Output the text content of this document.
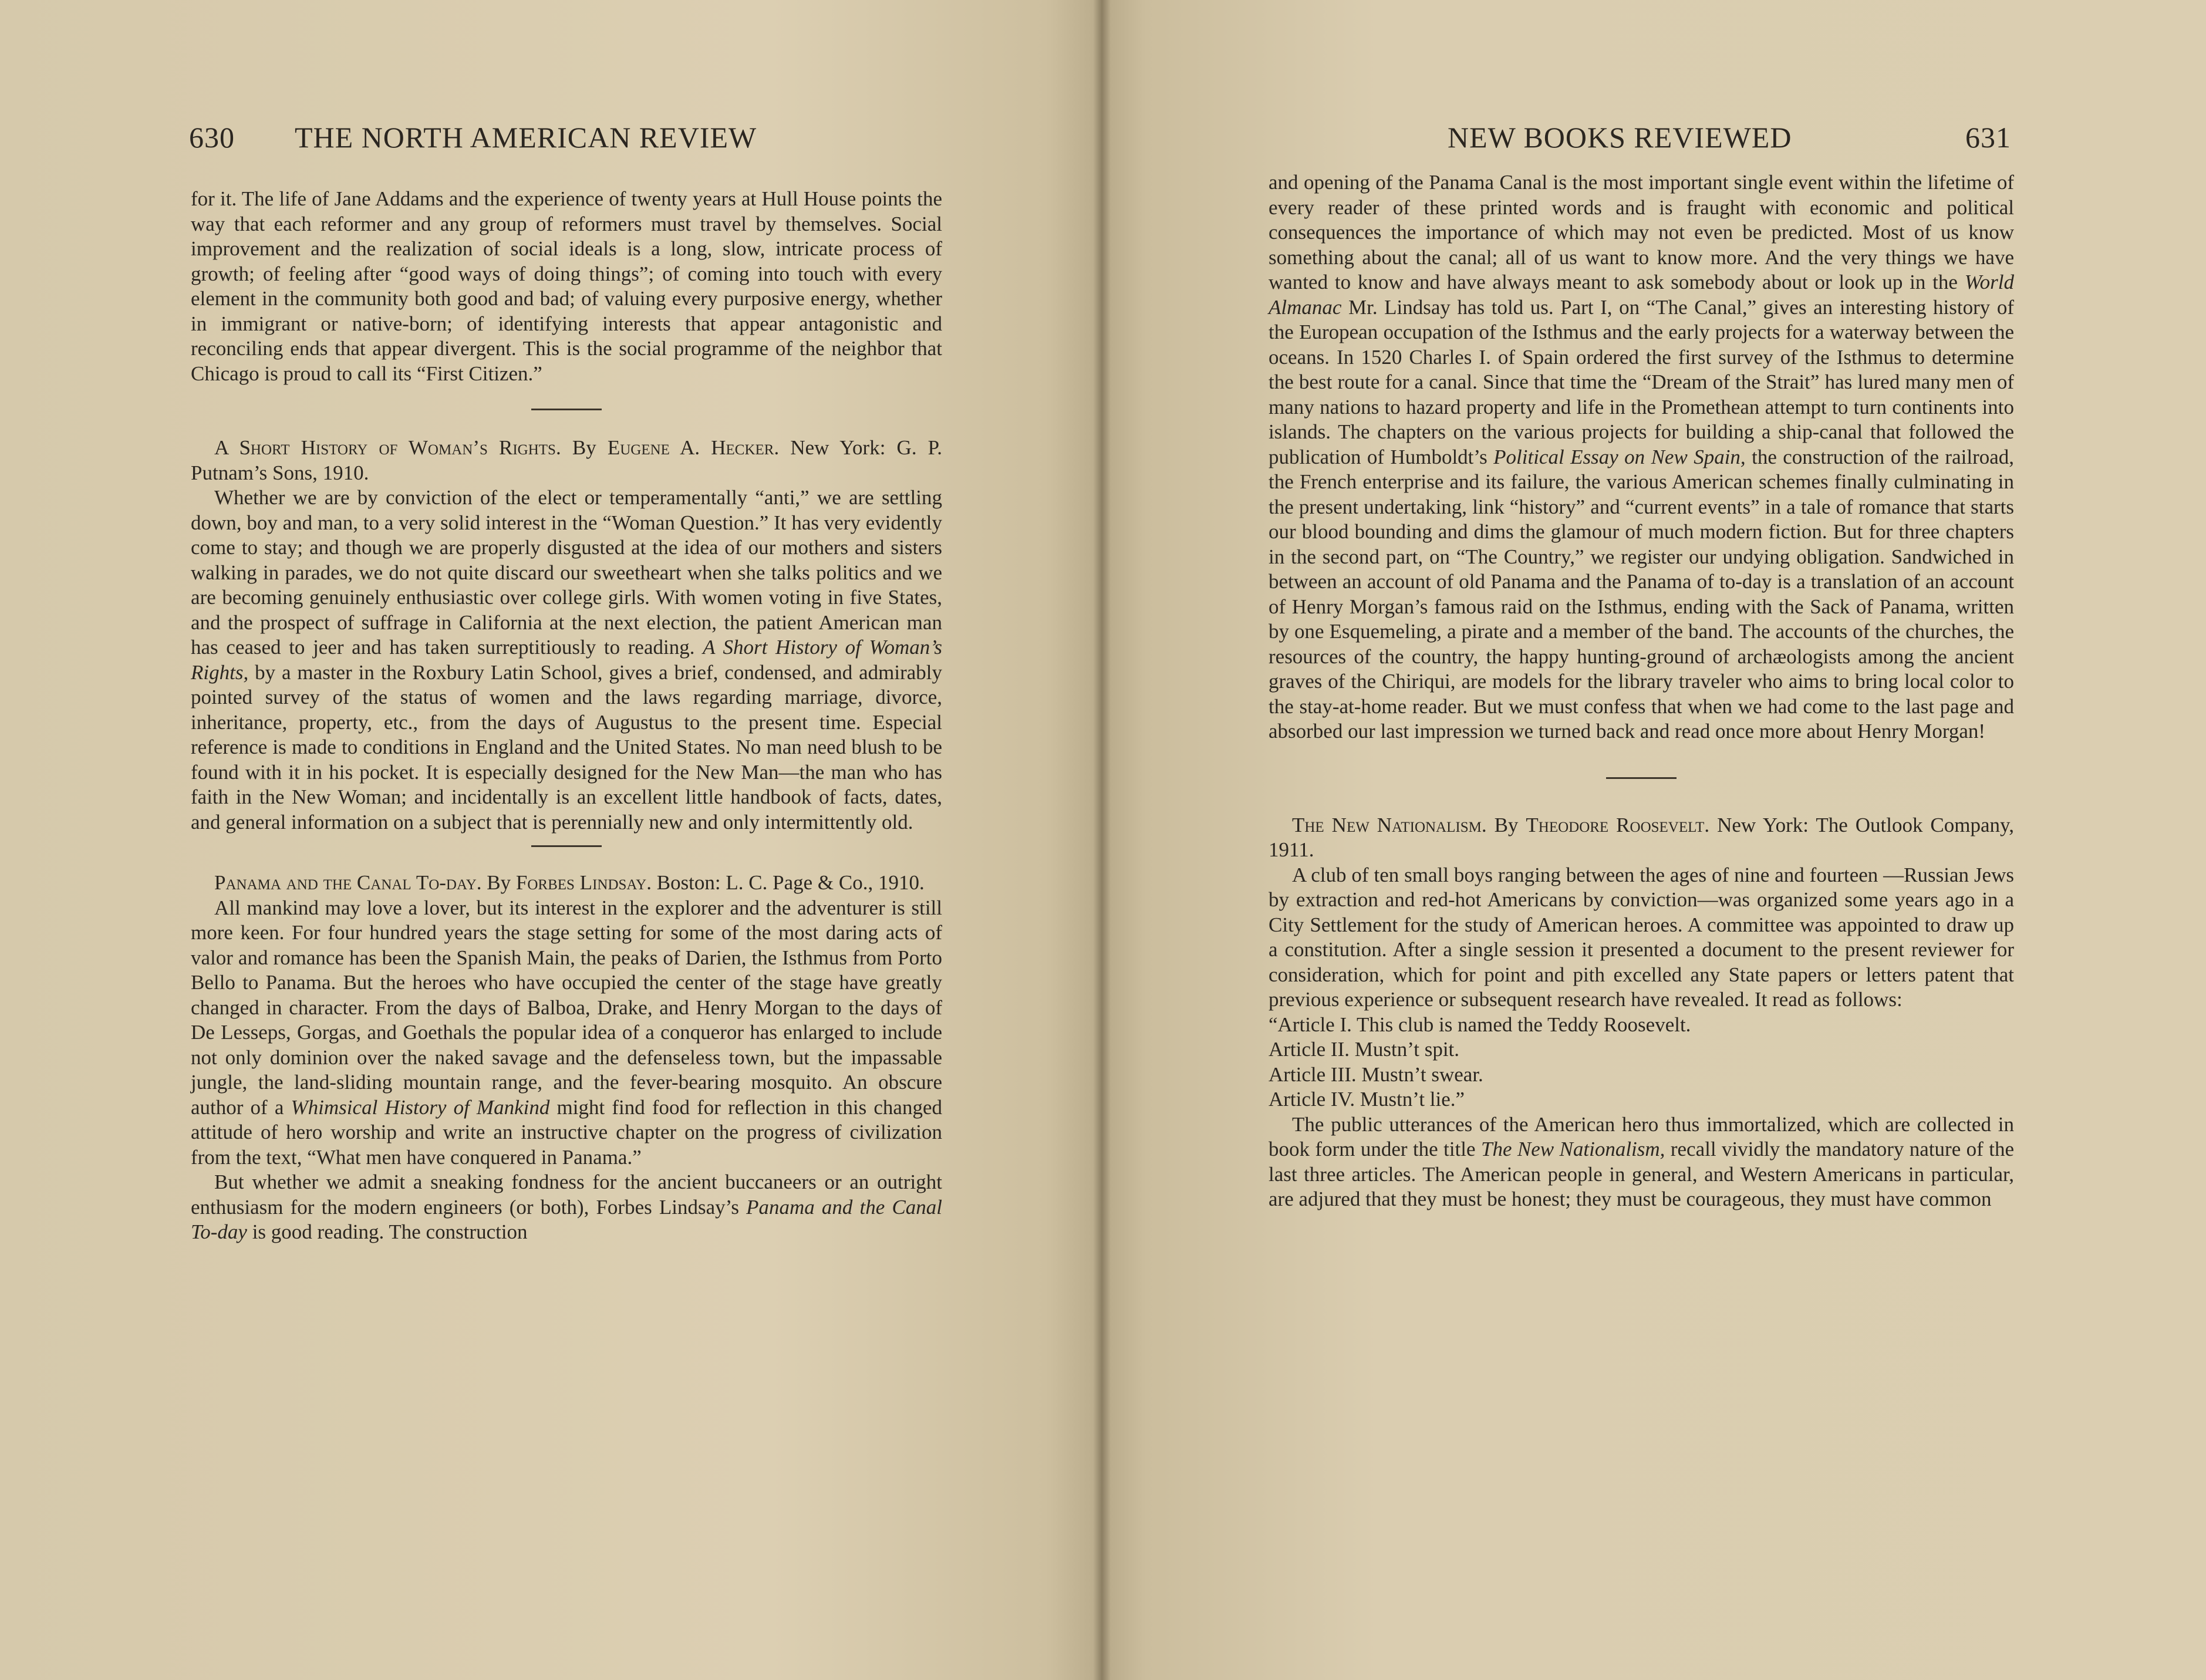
630 THE NORTH AMERICAN REVIEW

for it. The life of Jane Addams and the experience of twenty years at Hull House points the way that each reformer and any group of reformers must travel by themselves. Social improvement and the realization of social ideals is a long, slow, intricate process of growth; of feeling after “good ways of doing things”; of coming into touch with every element in the community both good and bad; of valuing every purposive energy, whether in immigrant or native-born; of identifying interests that appear antagonistic and reconciling ends that appear divergent. This is the social programme of the neighbor that Chicago is proud to call its “First Citizen.”

A Short History of Woman’s Rights. By Eugene A. Hecker. New York: G. P. Putnam’s Sons, 1910.

Whether we are by conviction of the elect or temperamentally “anti,” we are settling down, boy and man, to a very solid interest in the “Woman Question.” It has very evidently come to stay; and though we are properly disgusted at the idea of our mothers and sisters walking in parades, we do not quite discard our sweetheart when she talks politics and we are becoming genuinely enthusiastic over college girls. With women voting in five States, and the prospect of suffrage in California at the next election, the patient American man has ceased to jeer and has taken surreptitiously to reading. A Short History of Woman’s Rights, by a master in the Roxbury Latin School, gives a brief, condensed, and admirably pointed survey of the status of women and the laws regarding marriage, divorce, inheritance, property, etc., from the days of Augustus to the present time. Especial reference is made to conditions in England and the United States. No man need blush to be found with it in his pocket. It is especially designed for the New Man—the man who has faith in the New Woman; and incidentally is an excellent little handbook of facts, dates, and general information on a subject that is perennially new and only intermittently old.

Panama and the Canal To-day. By Forbes Lindsay. Boston: L. C. Page & Co., 1910.

All mankind may love a lover, but its interest in the explorer and the adventurer is still more keen. For four hundred years the stage setting for some of the most daring acts of valor and romance has been the Spanish Main, the peaks of Darien, the Isthmus from Porto Bello to Panama. But the heroes who have occupied the center of the stage have greatly changed in character. From the days of Balboa, Drake, and Henry Morgan to the days of De Lesseps, Gorgas, and Goethals the popular idea of a conqueror has enlarged to include not only dominion over the naked savage and the defenseless town, but the impassable jungle, the land-sliding mountain range, and the fever-bearing mosquito. An obscure author of a Whimsical History of Mankind might find food for reflection in this changed attitude of hero worship and write an instructive chapter on the progress of civilization from the text, “What men have conquered in Panama.”

But whether we admit a sneaking fondness for the ancient buccaneers or an outright enthusiasm for the modern engineers (or both), Forbes Lindsay’s Panama and the Canal To-day is good reading. The construction

NEW BOOKS REVIEWED	631

and opening of the Panama Canal is the most important single event within the lifetime of every reader of these printed words and is fraught with economic and political consequences the importance of which may not even be predicted. Most of us know something about the canal; all of us want to know more. And the very things we have wanted to know and have always meant to ask somebody about or look up in the World Almanac Mr. Lindsay has told us. Part I, on “The Canal,” gives an interesting history of the European occupation of the Isthmus and the early projects for a waterway between the oceans. In 1520 Charles I. of Spain ordered the first survey of the Isthmus to determine the best route for a canal. Since that time the “Dream of the Strait” has lured many men of many nations to hazard property and life in the Promethean attempt to turn continents into islands. The chapters on the various projects for building a ship-canal that followed the publication of Humboldt’s Political Essay on New Spain, the construction of the railroad, the French enterprise and its failure, the various American schemes finally culminating in the present undertaking, link “history” and “current events” in a tale of romance that starts our blood bounding and dims the glamour of much modern fiction. But for three chapters in the second part, on “The Country,” we register our undying obligation. Sandwiched in between an account of old Panama and the Panama of to-day is a translation of an account of Henry Morgan’s famous raid on the Isthmus, ending with the Sack of Panama, written by one Esquemeling, a pirate and a member of the band. The accounts of the churches, the resources of the country, the happy hunting-ground of archæologists among the ancient graves of the Chiriqui, are models for the library traveler who aims to bring local color to the stay-at-home reader. But we must confess that when we had come to the last page and absorbed our last impression we turned back and read once more about Henry Morgan!

The New Nationalism. By Theodore Roosevelt. New York: The Outlook Company, 1911.

A club of ten small boys ranging between the ages of nine and fourteen —Russian Jews by extraction and red-hot Americans by conviction—was organized some years ago in a City Settlement for the study of American heroes. A committee was appointed to draw up a constitution. After a single session it presented a document to the present reviewer for consideration, which for point and pith excelled any State papers or letters patent that previous experience or subsequent research have revealed. It read as follows:

“Article I. This club is named the Teddy Roosevelt.

Article II. Mustn’t spit.

Article III. Mustn’t swear.

Article IV. Mustn’t lie.”

The public utterances of the American hero thus immortalized, which are collected in book form under the title The New Nationalism, recall vividly the mandatory nature of the last three articles. The American people in general, and Western Americans in particular, are adjured that they must be honest; they must be courageous, they must have common
